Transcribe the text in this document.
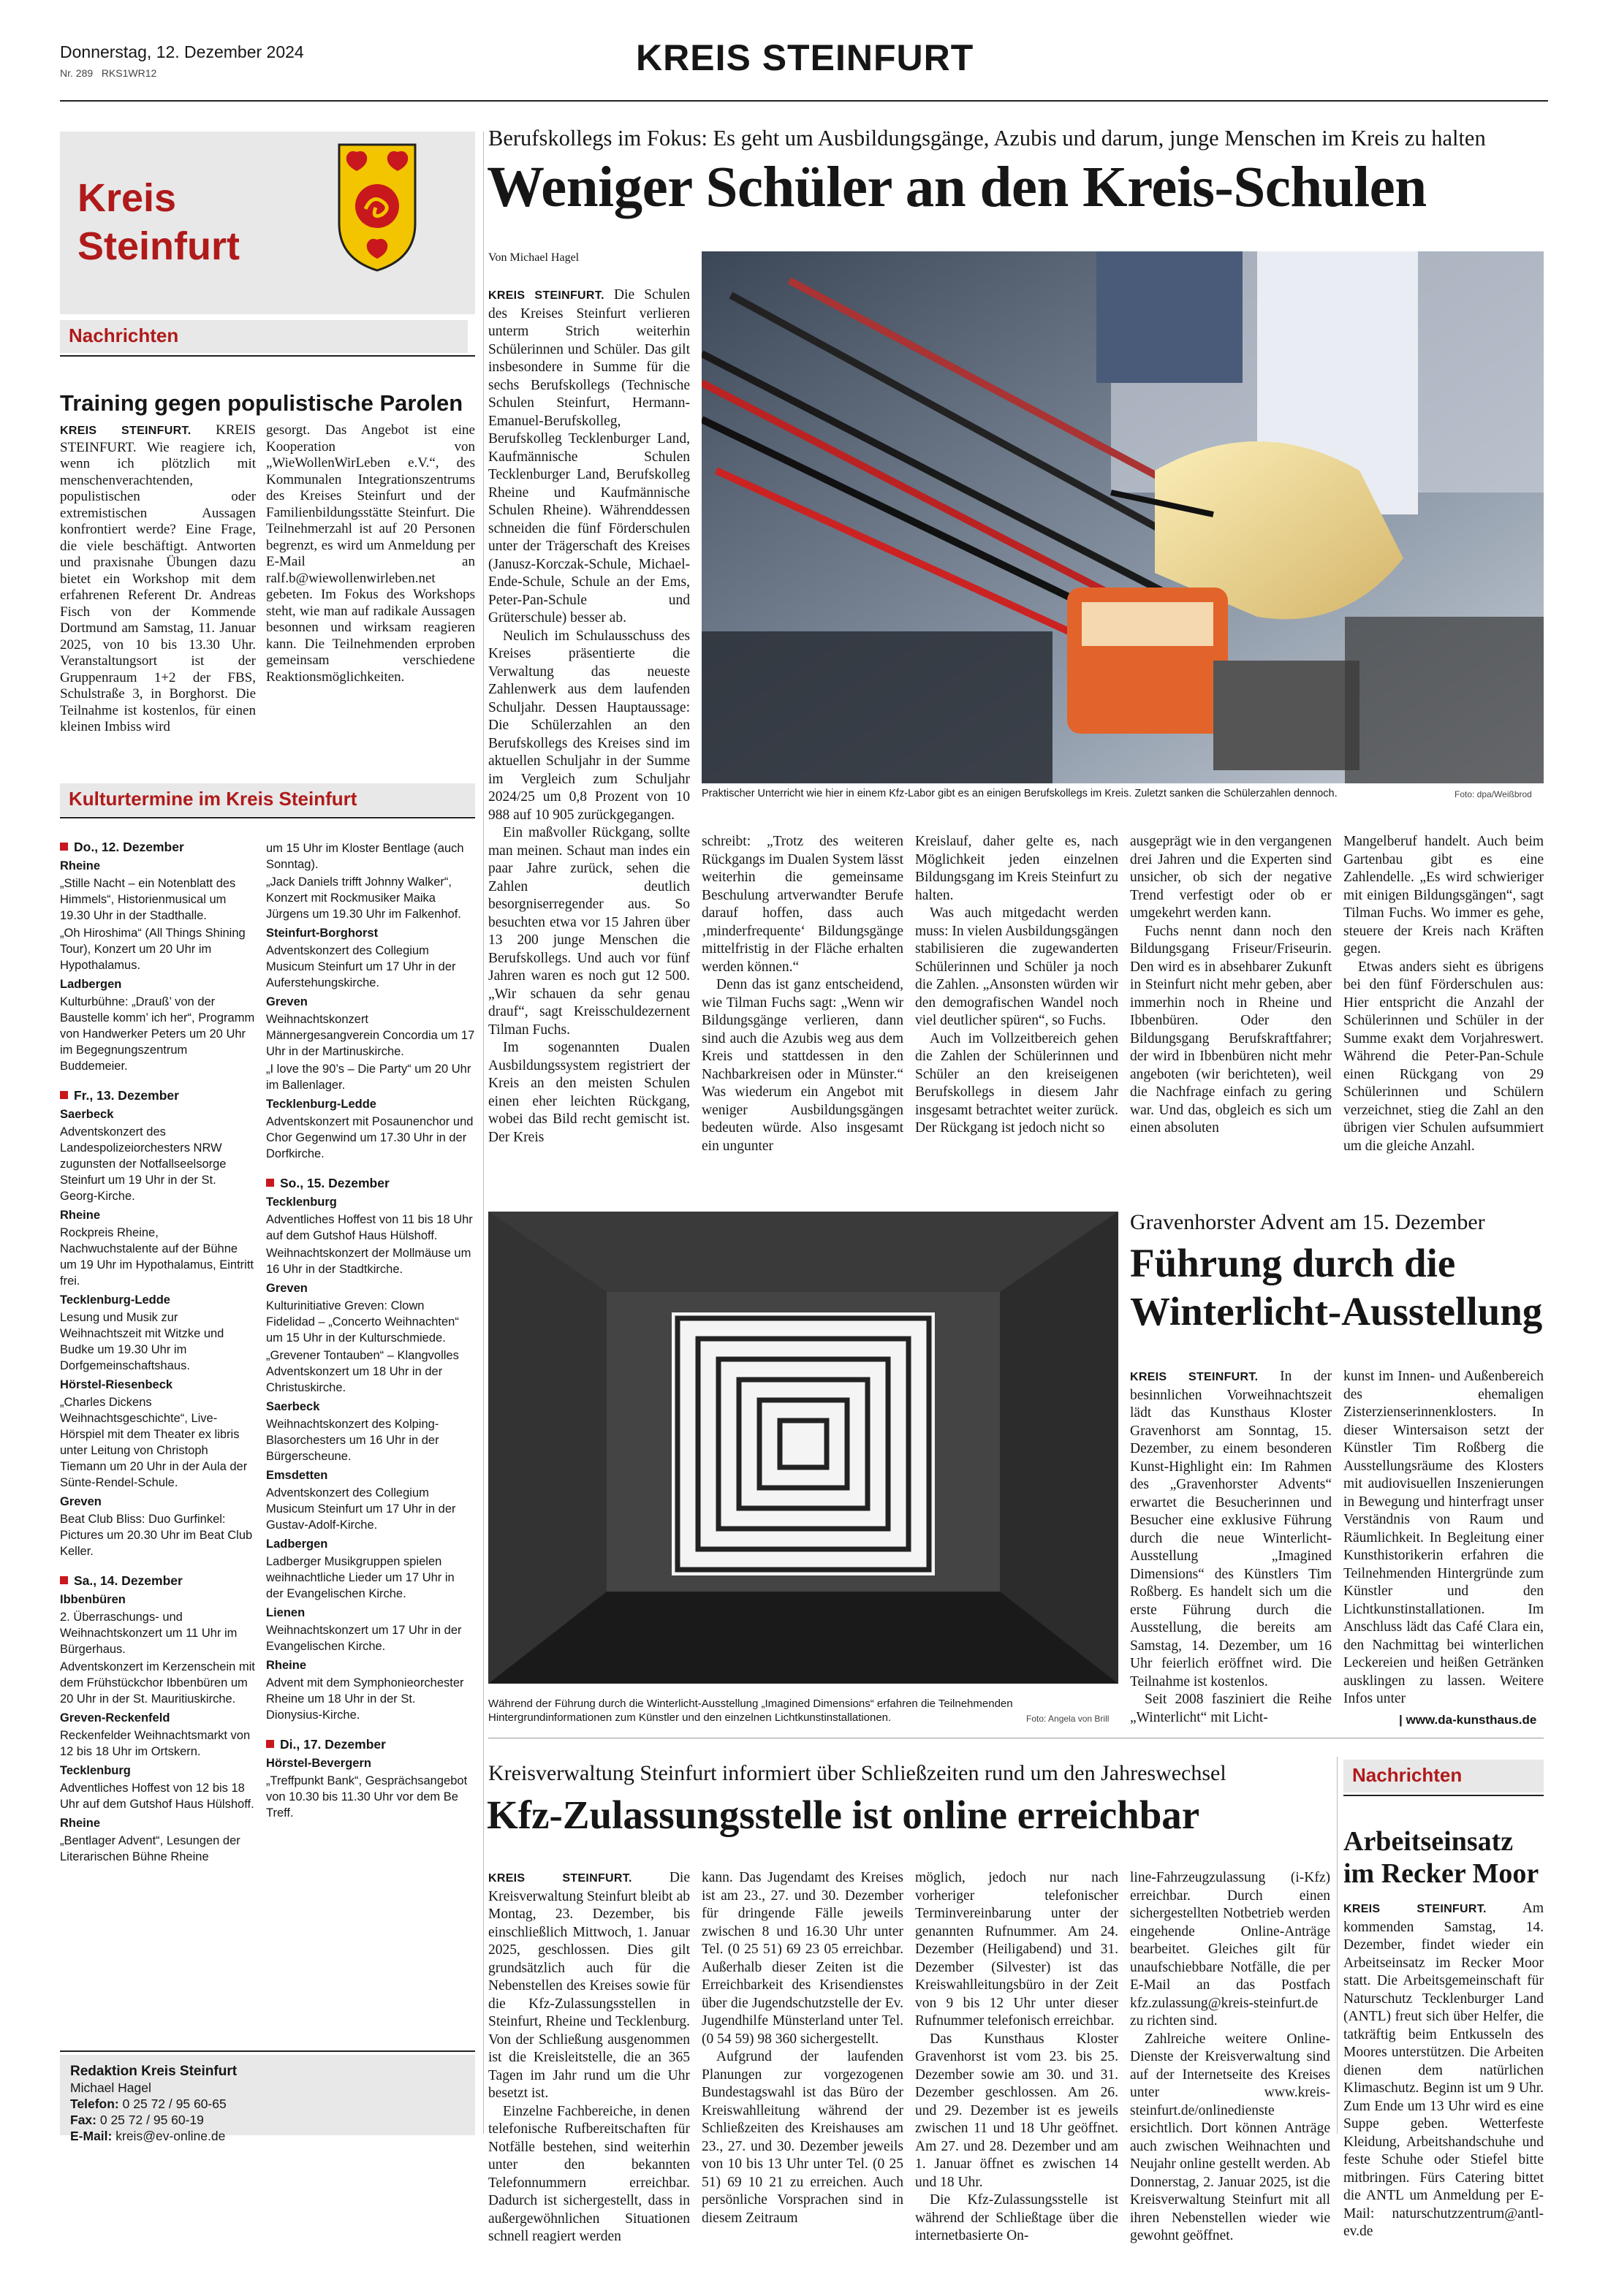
Donnerstag, 12. Dezember 2024
Nr. 289 RKS1WR12	KREIS STEINFURT
Kreis
Steinfurt
Nachrichten
Training gegen populistische Parolen
KREIS STEINFURT. KREIS STEINFURT. Wie reagiere ich, wenn ich plötzlich mit menschenverachtenden, populistischen oder extremistischen Aussagen konfrontiert werde? Eine Frage, die viele beschäftigt. Antworten und praxisnahe Übungen dazu bietet ein Workshop mit dem erfahrenen Referent Dr. Andreas Fisch von der Kommende Dortmund am Samstag, 11. Januar 2025, von 10 bis 13.30 Uhr. Veranstaltungsort ist der Gruppenraum 1+2 der FBS, Schulstraße 3, in Borghorst. Die Teilnahme ist kostenlos, für einen kleinen Imbiss wird
gesorgt. Das Angebot ist eine Kooperation von „WieWollenWirLeben e.V.“, des Kommunalen Integrationszentrums des Kreises Steinfurt und der Familienbildungsstätte Steinfurt. Die Teilnehmerzahl ist auf 20 Personen begrenzt, es wird um Anmeldung per E-Mail an ralf.b@wiewollenwirleben.net gebeten. Im Fokus des Workshops steht, wie man auf radikale Aussagen besonnen und wirksam reagieren kann. Die Teilnehmenden erproben gemeinsam verschiedene Reaktionsmöglichkeiten.
Kulturtermine im Kreis Steinfurt
Do., 12. Dezember
Rheine
„Stille Nacht – ein Notenblatt des Himmels“, Historienmusical um 19.30 Uhr in der Stadthalle.
„Oh Hiroshima“ (All Things Shining Tour), Konzert um 20 Uhr im Hypothalamus.
Ladbergen
Kulturbühne: „Drauß’ von der Baustelle komm’ ich her“, Programm von Handwerker Peters um 20 Uhr im Begegnungszentrum Buddemeier.
Fr., 13. Dezember
Saerbeck
Adventskonzert des Landespolizeiorchesters NRW zugunsten der Notfallseelsorge Steinfurt um 19 Uhr in der St. Georg-Kirche.
Rheine
Rockpreis Rheine, Nachwuchstalente auf der Bühne um 19 Uhr im Hypothalamus, Eintritt frei.
Tecklenburg-Ledde
Lesung und Musik zur Weihnachtszeit mit Witzke und Budke um 19.30 Uhr im Dorfgemeinschaftshaus.
Hörstel-Riesenbeck
„Charles Dickens Weihnachtsgeschichte“, Live-Hörspiel mit dem Theater ex libris unter Leitung von Christoph Tiemann um 20 Uhr in der Aula der Sünte-Rendel-Schule.
Greven
Beat Club Bliss: Duo Gurfinkel: Pictures um 20.30 Uhr im Beat Club Keller.
Sa., 14. Dezember
Ibbenbüren
2. Überraschungs- und Weihnachtskonzert um 11 Uhr im Bürgerhaus.
Adventskonzert im Kerzenschein mit dem Frühstückchor Ibbenbüren um 20 Uhr in der St. Mauritiuskirche.
Greven-Reckenfeld
Reckenfelder Weihnachtsmarkt von 12 bis 18 Uhr im Ortskern.
Tecklenburg
Adventliches Hoffest von 12 bis 18 Uhr auf dem Gutshof Haus Hülshoff.
Rheine
„Bentlager Advent“, Lesungen der Literarischen Bühne Rheine
um 15 Uhr im Kloster Bentlage (auch Sonntag).
„Jack Daniels trifft Johnny Walker“, Konzert mit Rockmusiker Maika Jürgens um 19.30 Uhr im Falkenhof.
Steinfurt-Borghorst
Adventskonzert des Collegium Musicum Steinfurt um 17 Uhr in der Auferstehungskirche.
Greven
Weihnachtskonzert Männergesangverein Concordia um 17 Uhr in der Martinuskirche.
„I love the 90’s – Die Party“ um 20 Uhr im Ballenlager.
Tecklenburg-Ledde
Adventskonzert mit Posaunenchor und Chor Gegenwind um 17.30 Uhr in der Dorfkirche.
So., 15. Dezember
Tecklenburg
Adventliches Hoffest von 11 bis 18 Uhr auf dem Gutshof Haus Hülshoff.
Weihnachtskonzert der Mollmäuse um 16 Uhr in der Stadtkirche.
Greven
Kulturinitiative Greven: Clown Fidelidad – „Concerto Weihnachten“ um 15 Uhr in der Kulturschmiede.
„Grevener Tontauben“ – Klangvolles Adventskonzert um 18 Uhr in der Christuskirche.
Saerbeck
Weihnachtskonzert des Kolping-Blasorchesters um 16 Uhr in der Bürgerscheune.
Emsdetten
Adventskonzert des Collegium Musicum Steinfurt um 17 Uhr in der Gustav-Adolf-Kirche.
Ladbergen
Ladberger Musikgruppen spielen weihnachtliche Lieder um 17 Uhr in der Evangelischen Kirche.
Lienen
Weihnachtskonzert um 17 Uhr in der Evangelischen Kirche.
Rheine
Advent mit dem Symphonieorchester Rheine um 18 Uhr in der St. Dionysius-Kirche.
Di., 17. Dezember
Hörstel-Bevergern
„Treffpunkt Bank“, Gesprächsangebot von 10.30 bis 11.30 Uhr vor dem Be Treff.
Redaktion Kreis Steinfurt
Michael Hagel
Telefon: 0 25 72 / 95 60-65
Fax: 0 25 72 / 95 60-19
E-Mail: kreis@ev-online.de
Berufskollegs im Fokus: Es geht um Ausbildungsgänge, Azubis und darum, junge Menschen im Kreis zu halten
Weniger Schüler an den Kreis-Schulen
Von Michael Hagel

KREIS STEINFURT. Die Schulen des Kreises Steinfurt verlieren unterm Strich weiterhin Schülerinnen und Schüler. Das gilt insbesondere in Summe für die sechs Berufskollegs (Technische Schulen Steinfurt, Hermann-Emanuel-Berufskolleg, Berufskolleg Tecklenburger Land, Kaufmännische Schulen Tecklenburger Land, Berufskolleg Rheine und Kaufmännische Schulen Rheine). Währenddessen schneiden die fünf Förderschulen unter der Trägerschaft des Kreises (Janusz-Korczak-Schule, Michael-Ende-Schule, Schule an der Ems, Peter-Pan-Schule und Grüterschule) besser ab.

Neulich im Schulausschuss des Kreises präsentierte die Verwaltung das neueste Zahlenwerk aus dem laufenden Schuljahr. Dessen Hauptaussage: Die Schülerzahlen an den Berufskollegs des Kreises sind im aktuellen Schuljahr in der Summe im Vergleich zum Schuljahr 2024/25 um 0,8 Prozent von 10 988 auf 10 905 zurückgegangen.

Ein maßvoller Rückgang, sollte man meinen. Schaut man indes ein paar Jahre zurück, sehen die Zahlen deutlich besorgniserregender aus. So besuchten etwa vor 15 Jahren über 13 200 junge Menschen die Berufskollegs. Und auch vor fünf Jahren waren es noch gut 12 500. „Wir schauen da sehr genau drauf“, sagt Kreisschuldezernent Tilman Fuchs.

Im sogenannten Dualen Ausbildungssystem registriert der Kreis an den meisten Schulen einen eher leichten Rückgang, wobei das Bild recht gemischt ist. Der Kreis

Praktischer Unterricht wie hier in einem Kfz-Labor gibt es an einigen Berufskollegs im Kreis. Zuletzt sanken die Schülerzahlen dennoch.	Foto: dpa/Weißbrod

schreibt: „Trotz des weiteren Rückgangs im Dualen System lässt weiterhin die gemeinsame Beschulung artverwandter Berufe darauf hoffen, dass auch ‚minderfrequente‘ Bildungsgänge mittelfristig in der Fläche erhalten werden können.“

Denn das ist ganz entscheidend, wie Tilman Fuchs sagt: „Wenn wir Bildungsgänge verlieren, dann sind auch die Azubis weg aus dem Kreis und stattdessen in den Nachbarkreisen oder in Münster.“ Was wiederum ein Angebot mit weniger Ausbildungsgängen bedeuten würde. Also insgesamt ein ungunter

Kreislauf, daher gelte es, nach Möglichkeit jeden einzelnen Bildungsgang im Kreis Steinfurt zu halten.

Was auch mitgedacht werden muss: In vielen Ausbildungsgängen stabilisieren die zugewanderten Schülerinnen und Schüler ja noch die Zahlen. „Ansonsten würden wir den demografischen Wandel noch viel deutlicher spüren“, so Fuchs.

Auch im Vollzeitbereich gehen die Zahlen der Schülerinnen und Schüler an den kreiseigenen Berufskollegs in diesem Jahr insgesamt betrachtet weiter zurück. Der Rückgang ist jedoch nicht so

ausgeprägt wie in den vergangenen drei Jahren und die Experten sind unsicher, ob sich der negative Trend verfestigt oder ob er umgekehrt werden kann.

Fuchs nennt dann noch den Bildungsgang Friseur/Friseurin. Den wird es in absehbarer Zukunft in Steinfurt nicht mehr geben, aber immerhin noch in Rheine und Ibbenbüren. Oder den Bildungsgang Berufskraftfahrer; der wird in Ibbenbüren nicht mehr angeboten (wir berichteten), weil die Nachfrage einfach zu gering war. Und das, obgleich es sich um einen absoluten

Mangelberuf handelt. Auch beim Gartenbau gibt es eine Zahlendelle. „Es wird schwieriger mit einigen Bildungsgängen“, sagt Tilman Fuchs. Wo immer es gehe, steuere der Kreis nach Kräften gegen.

Etwas anders sieht es übrigens bei den fünf Förderschulen aus: Hier entspricht die Anzahl der Schülerinnen und Schüler in der Summe exakt dem Vorjahreswert. Während die Peter-Pan-Schule einen Rückgang von 29 Schülerinnen und Schülern verzeichnet, stieg die Zahl an den übrigen vier Schulen aufsummiert um die gleiche Anzahl.

Während der Führung durch die Winterlicht-Ausstellung „Imagined Dimensions“ erfahren die Teilnehmenden Hintergrundinformationen zum Künstler und den einzelnen Lichtkunstinstallationen.	Foto: Angela von Brill
Gravenhorster Advent am 15. Dezember
Führung durch die Winterlicht-Ausstellung

KREIS STEINFURT. In der besinnlichen Vorweihnachtszeit lädt das Kunsthaus Kloster Gravenhorst am Sonntag, 15. Dezember, zu einem besonderen Kunst-Highlight ein: Im Rahmen des „Gravenhorster Advents“ erwartet die Besucherinnen und Besucher eine exklusive Führung durch die neue Winterlicht-Ausstellung „Imagined Dimensions“ des Künstlers Tim Roßberg. Es handelt sich um die erste Führung durch die Ausstellung, die bereits am Samstag, 14. Dezember, um 16 Uhr feierlich eröffnet wird. Die Teilnahme ist kostenlos.

Seit 2008 fasziniert die Reihe „Winterlicht“ mit Licht-

kunst im Innen- und Außenbereich des ehemaligen Zisterzienserinnenklosters. In dieser Wintersaison setzt der Künstler Tim Roßberg die Ausstellungsräume des Klosters mit audiovisuellen Inszenierungen in Bewegung und hinterfragt unser Verständnis von Raum und Räumlichkeit. In Begleitung einer Kunsthistorikerin erfahren die Teilnehmenden Hintergründe zum Künstler und den Lichtkunstinstallationen. Im Anschluss lädt das Café Clara ein, den Nachmittag bei winterlichen Leckereien und heißen Getränken ausklingen zu lassen. Weitere Infos unter

| www.da-kunsthaus.de
Kreisverwaltung Steinfurt informiert über Schließzeiten rund um den Jahreswechsel
Kfz-Zulassungsstelle ist online erreichbar

KREIS STEINFURT.	Die Kreisverwaltung Steinfurt bleibt ab Montag, 23. Dezember, bis einschließlich Mittwoch, 1. Januar 2025, geschlossen. Dies gilt grundsätzlich auch für die Nebenstellen des Kreises sowie für die Kfz-Zulassungsstellen in Steinfurt, Rheine und Tecklenburg. Von der Schließung ausgenommen ist die Kreisleitstelle, die an 365 Tagen im Jahr rund um die Uhr besetzt ist.

Einzelne Fachbereiche, in denen telefonische Rufbereitschaften für Notfälle bestehen, sind weiterhin unter den bekannten Telefonnummern erreichbar. Dadurch ist sichergestellt, dass in außergewöhnlichen Situationen schnell reagiert werden

kann. Das Jugendamt des Kreises ist am 23., 27. und 30. Dezember für dringende Fälle jeweils zwischen 8 und 16.30 Uhr unter Tel. (0 25 51) 69 23 05 erreichbar. Außerhalb dieser Zeiten ist die Erreichbarkeit des Krisendienstes über die Jugendschutzstelle der Ev. Jugendhilfe Münsterland unter Tel. (0 54 59) 98 360 sichergestellt.

Aufgrund der laufenden Planungen zur vorgezogenen Bundestagswahl ist das Büro der Kreiswahlleitung während der Schließzeiten des Kreishauses am 23., 27. und 30. Dezember jeweils von 10 bis 13 Uhr unter Tel. (0 25 51) 69 10 21 zu erreichen. Auch persönliche Vorsprachen sind in diesem Zeitraum

möglich, jedoch nur nach vorheriger telefonischer Terminvereinbarung unter der genannten Rufnummer. Am 24. Dezember (Heiligabend) und 31. Dezember (Silvester) ist das Kreiswahlleitungsbüro in der Zeit von 9 bis 12 Uhr unter dieser Rufnummer telefonisch erreichbar.

Das Kunsthaus Kloster Gravenhorst ist vom 23. bis 25. Dezember sowie am 30. und 31. Dezember geschlossen. Am 26. und 29. Dezember ist es jeweils zwischen 11 und 18 Uhr geöffnet. Am 27. und 28. Dezember und am 1. Januar öffnet es zwischen 14 und 18 Uhr.

Die Kfz-Zulassungsstelle ist während der Schließtage über die internetbasierte On-

line-Fahrzeugzulassung (i-Kfz) erreichbar. Durch einen sichergestellten Notbetrieb werden eingehende Online-Anträge bearbeitet. Gleiches gilt für unaufschiebbare Notfälle, die per E-Mail an das Postfach kfz.zulassung@kreis-steinfurt.de zu richten sind.

Zahlreiche weitere Online-Dienste der Kreisverwaltung sind auf der Internetseite des Kreises unter www.kreis-steinfurt.de/onlinedienste ersichtlich. Dort können Anträge auch zwischen Weihnachten und Neujahr online gestellt werden. Ab Donnerstag, 2. Januar 2025, ist die Kreisverwaltung Steinfurt mit all ihren Nebenstellen wieder wie gewohnt geöffnet.

Nachrichten
Arbeitseinsatz im Recker Moor
KREIS STEINFURT.	Am kommenden Samstag, 14. Dezember, findet wieder ein Arbeitseinsatz im Recker Moor statt. Die Arbeitsgemeinschaft für Naturschutz Tecklenburger Land (ANTL) freut sich über Helfer, die tatkräftig beim Entkusseln des Moores unterstützen. Die Arbeiten dienen dem natürlichen Klimaschutz. Beginn ist um 9 Uhr. Zum Ende um 13 Uhr wird es eine Suppe geben. Wetterfeste Kleidung, Arbeitshandschuhe und feste Schuhe oder Stiefel bitte mitbringen. Fürs Catering bittet die ANTL um Anmeldung per E-Mail: naturschutzzentrum@antl-ev.de
